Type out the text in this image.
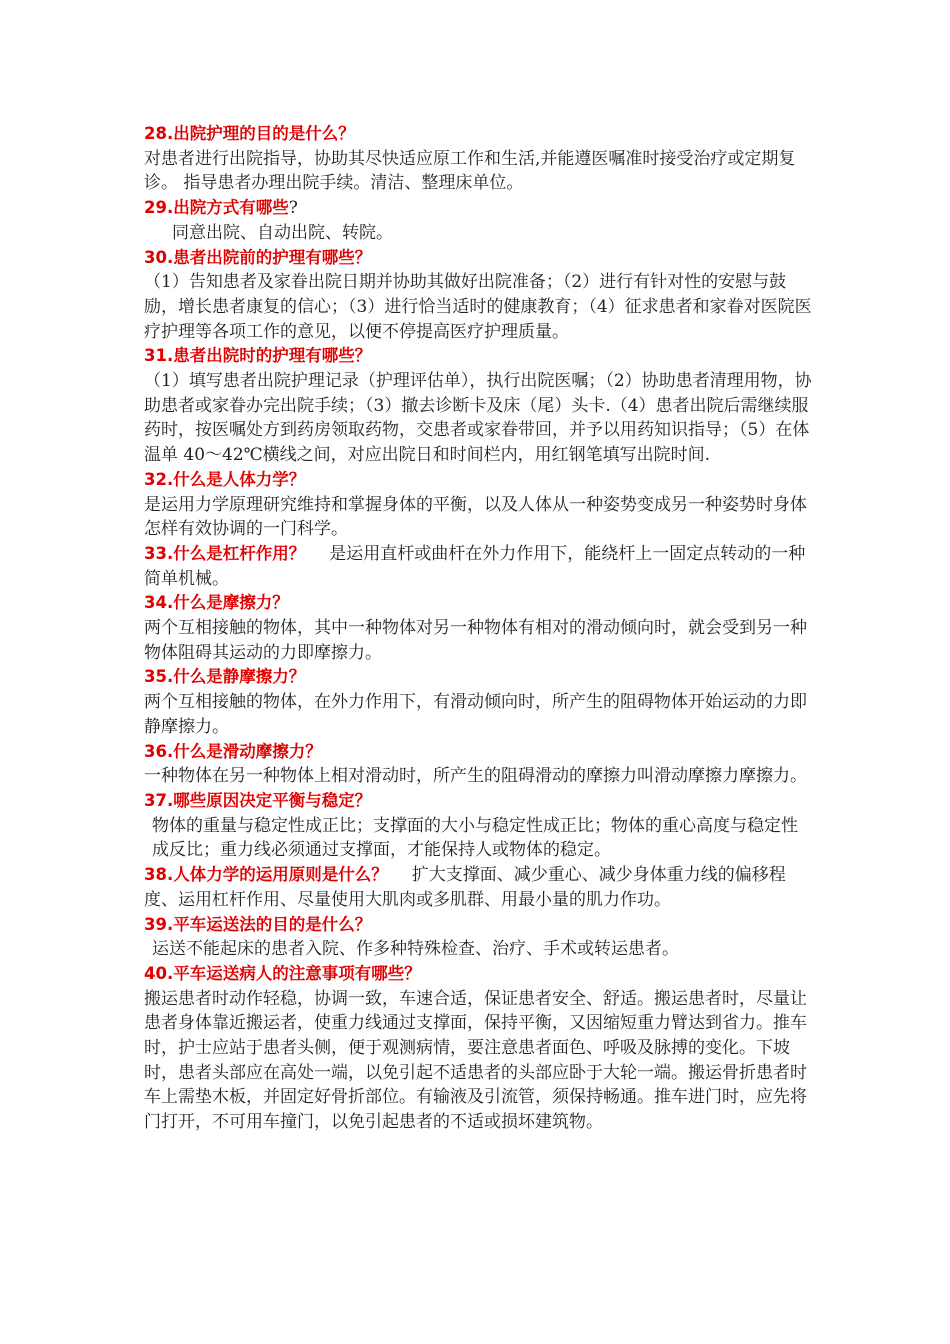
28.出院护理的目的是什么？
对患者进行出院指导，协助其尽快适应原工作和生活,并能遵医嘱准时接受治疗或定期复诊。 指导患者办理出院手续。清洁、整理床单位。
29.出院方式有哪些?
同意出院、自动出院、转院。
30.患者出院前的护理有哪些？
（1）告知患者及家眷出院日期并协助其做好出院准备；（2）进行有针对性的安慰与鼓励，增长患者康复的信心；（3）进行恰当适时的健康教育；（4）征求患者和家眷对医院医疗护理等各项工作的意见，以便不停提高医疗护理质量。
31.患者出院时的护理有哪些？
（1）填写患者出院护理记录（护理评估单），执行出院医嘱；（2）协助患者清理用物，协助患者或家眷办完出院手续；（3）撤去诊断卡及床（尾）头卡.（4）患者出院后需继续服药时，按医嘱处方到药房领取药物，交患者或家眷带回，并予以用药知识指导；（5）在体温单 40～42℃横线之间，对应出院日和时间栏内，用红钢笔填写出院时间.
32.什么是人体力学？
是运用力学原理研究维持和掌握身体的平衡，以及人体从一种姿势变成另一种姿势时身体怎样有效协调的一门科学。
33.什么是杠杆作用？ 是运用直杆或曲杆在外力作用下，能绕杆上一固定点转动的一种简单机械。
34.什么是摩擦力？
两个互相接触的物体，其中一种物体对另一种物体有相对的滑动倾向时，就会受到另一种物体阻碍其运动的力即摩擦力。
35.什么是静摩擦力？
两个互相接触的物体，在外力作用下，有滑动倾向时，所产生的阻碍物体开始运动的力即静摩擦力。
36.什么是滑动摩擦力？
一种物体在另一种物体上相对滑动时，所产生的阻碍滑动的摩擦力叫滑动摩擦力摩擦力。
37.哪些原因决定平衡与稳定？
物体的重量与稳定性成正比；支撑面的大小与稳定性成正比；物体的重心高度与稳定性成反比；重力线必须通过支撑面，才能保持人或物体的稳定。
38.人体力学的运用原则是什么？ 扩大支撑面、减少重心、减少身体重力线的偏移程度、运用杠杆作用、尽量使用大肌肉或多肌群、用最小量的肌力作功。
39.平车运送法的目的是什么？
运送不能起床的患者入院、作多种特殊检查、治疗、手术或转运患者。
40.平车运送病人的注意事项有哪些？
搬运患者时动作轻稳，协调一致，车速合适，保证患者安全、舒适。搬运患者时，尽量让患者身体靠近搬运者，使重力线通过支撑面，保持平衡，又因缩短重力臂达到省力。推车时，护士应站于患者头侧，便于观测病情，要注意患者面色、呼吸及脉搏的变化。下坡时，患者头部应在高处一端，以免引起不适患者的头部应卧于大轮一端。搬运骨折患者时车上需垫木板，并固定好骨折部位。有输液及引流管，须保持畅通。推车进门时，应先将门打开，不可用车撞门，以免引起患者的不适或损坏建筑物。
